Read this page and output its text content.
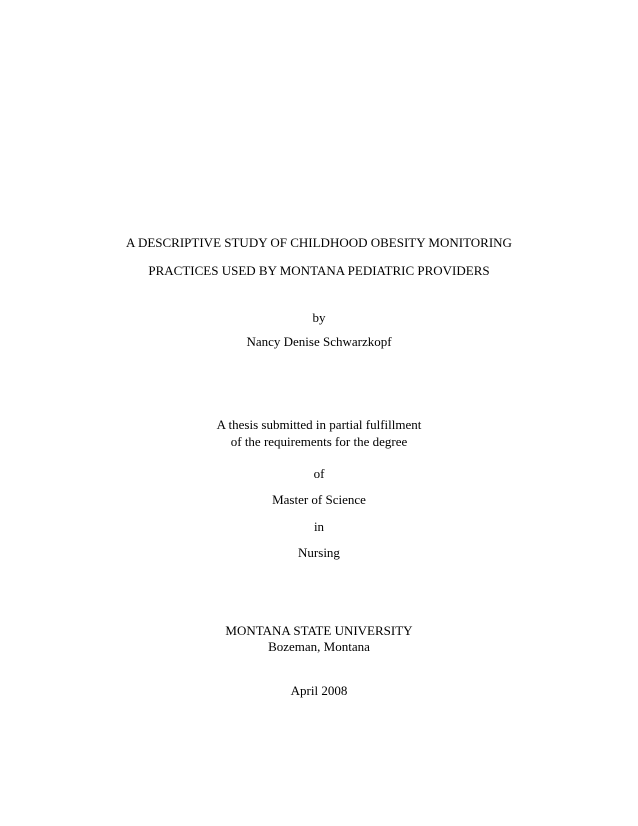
A DESCRIPTIVE STUDY OF CHILDHOOD OBESITY MONITORING
PRACTICES USED BY MONTANA PEDIATRIC PROVIDERS
by
Nancy Denise Schwarzkopf
A thesis submitted in partial fulfillment
of the requirements for the degree
of
Master of Science
in
Nursing
MONTANA STATE UNIVERSITY
Bozeman, Montana
April 2008
